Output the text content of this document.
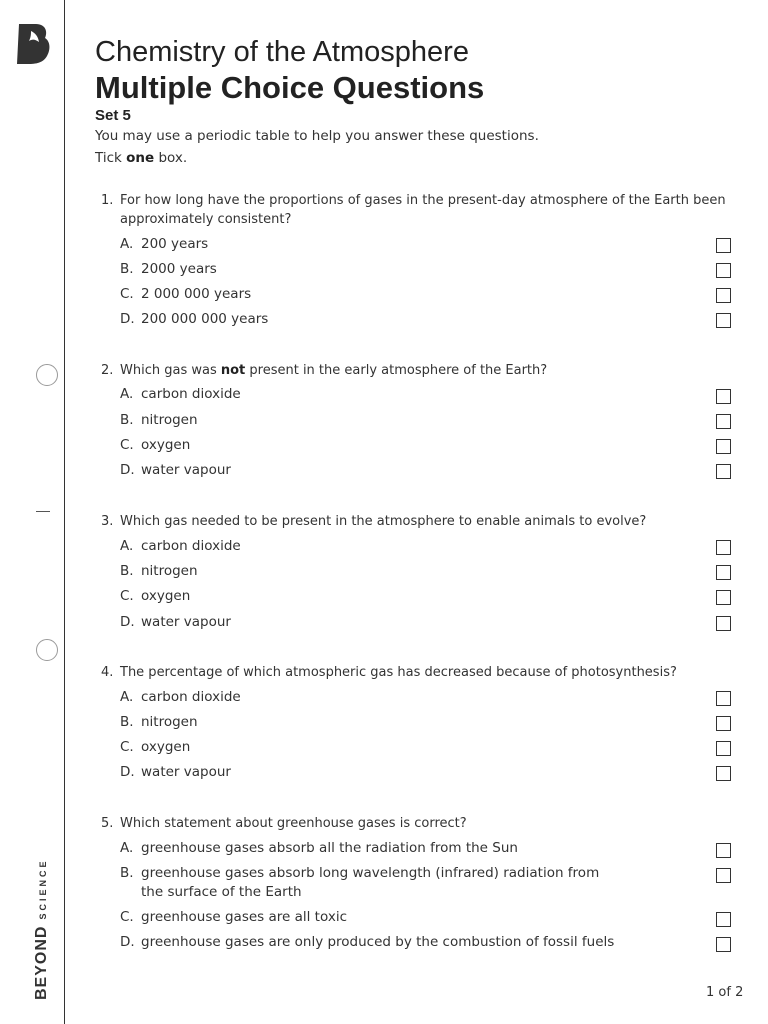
BEYOND
SCIENCE
Chemistry of the Atmosphere
Multiple Choice Questions
Set 5
You may use a periodic table to help you answer these questions.
Tick one box.
1. For how long have the proportions of gases in the present-day atmosphere of the Earth been approximately consistent?
A. 200 years
B. 2000 years
C. 2 000 000 years
D. 200 000 000 years
2. Which gas was not present in the early atmosphere of the Earth?
A. carbon dioxide
B. nitrogen
C. oxygen
D. water vapour
3. Which gas needed to be present in the atmosphere to enable animals to evolve?
A. carbon dioxide
B. nitrogen
C. oxygen
D. water vapour
4. The percentage of which atmospheric gas has decreased because of photosynthesis?
A. carbon dioxide
B. nitrogen
C. oxygen
D. water vapour
5. Which statement about greenhouse gases is correct?
A. greenhouse gases absorb all the radiation from the Sun
B. greenhouse gases absorb long wavelength (infrared) radiation from the surface of the Earth
C. greenhouse gases are all toxic
D. greenhouse gases are only produced by the combustion of fossil fuels
1 of 2
